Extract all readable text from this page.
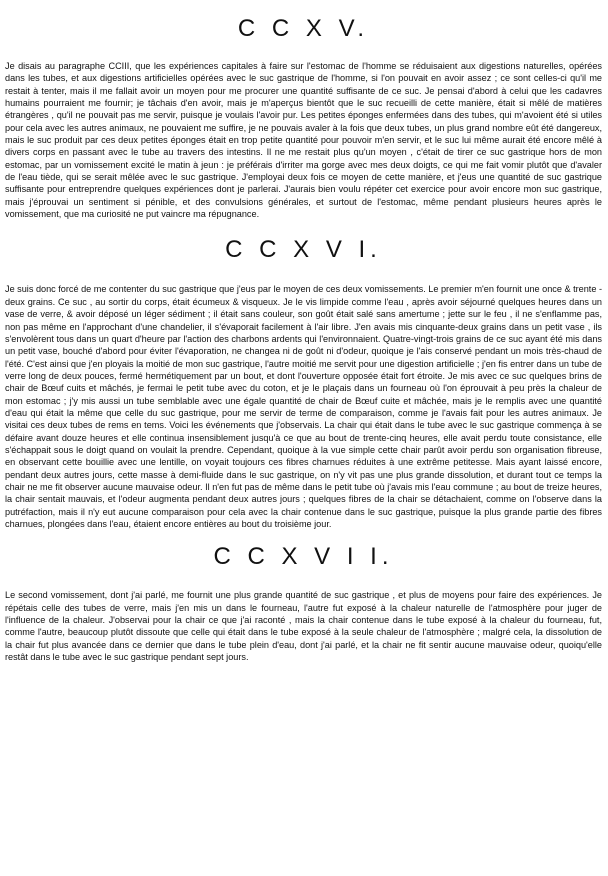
C C X V.

Je disais au paragraphe CCIII, que les expériences capitales à faire sur l'estomac de l'homme se réduisaient aux digestions naturelles, opérées dans les tubes, et aux digestions artificielles opérées avec le suc gastrique de l'homme, si l'on pouvait en avoir assez ; ce sont celles-ci qu'il me restait à tenter, mais il me fallait avoir un moyen pour me procurer une quantité suffisante de ce suc. Je pensai d'abord à celui que les cadavres humains pourraient me fournir; je tâchais d'en avoir, mais je m'aperçus bientôt que le suc recueilli de cette manière, était si mêlé de matières étrangères , qu'il ne pouvait pas me servir, puisque je voulais l'avoir pur. Les petites éponges enfermées dans des tubes, qui m'avoient été si utiles pour cela avec les autres animaux, ne pouvaient me suffire, je ne pouvais avaler à la fois que deux tubes, un plus grand nombre eût été dangereux, mais le suc produit par ces deux petites éponges était en trop petite quantité pour pouvoir m'en servir, et le suc lui même aurait été encore mêlé à divers corps en passant avec le tube au travers des intestins. Il ne me restait plus qu'un moyen , c'était de tirer ce suc gastrique hors de mon estomac, par un vomissement excité le matin à jeun : je préférais d'irriter ma gorge avec mes deux doigts, ce qui me fait vomir plutôt que d'avaler de l'eau tiède, qui se serait mêlée avec le suc gastrique. J'employai deux fois ce moyen de cette manière, et j'eus une quantité de suc gastrique suffisante pour entreprendre quelques expériences dont je parlerai. J'aurais bien voulu répéter cet exercice pour avoir encore mon suc gastrique, mais j'éprouvai un sentiment si pénible, et des convulsions générales, et surtout de l'estomac, même pendant plusieurs heures après le vomissement, que ma curiosité ne put vaincre ma répugnance.

C C X V I.

Je suis donc forcé de me contenter du suc gastrique que j'eus par le moyen de ces deux vomissements. Le premier m'en fournit une once & trente - deux grains. Ce suc , au sortir du corps, était écumeux & visqueux. Je le vis limpide comme l'eau , après avoir séjourné quelques heures dans un vase de verre, & avoir déposé un léger sédiment ; il était sans couleur, son goût était salé sans amertume ; jette sur le feu , il ne s'enflamme pas, non pas même en l'approchant d'une chandelier, il s'évaporait facilement à l'air libre. J'en avais mis cinquante-deux grains dans un petit vase , ils s'envolèrent tous dans un quart d'heure par l'action des charbons ardents qui l'environnaient. Quatre-vingt-trois grains de ce suc ayant été mis dans un petit vase, bouché d'abord pour éviter l'évaporation, ne changea ni de goût ni d'odeur, quoique je l'ais conservé pendant un mois très-chaud de l'été. C'est ainsi que j'en ployais la moitié de mon suc gastrique, l'autre moitié me servit pour une digestion artificielle ; j'en fis entrer dans un tube de verre long de deux pouces, fermé hermétiquement par un bout, et dont l'ouverture opposée était fort étroite. Je mis avec ce suc quelques brins de chair de Bœuf cuits et mâchés, je fermai le petit tube avec du coton, et je le plaçais dans un fourneau où l'on éprouvait à peu près la chaleur de mon estomac ; j'y mis aussi un tube semblable avec une égale quantité de chair de Bœuf cuite et mâchée, mais je le remplis avec une quantité d'eau qui était la même que celle du suc gastrique, pour me servir de terme de comparaison, comme je l'avais fait pour les autres animaux. Je visitai ces deux tubes de rems en tems. Voici les événements que j'observais. La chair qui était dans le tube avec le suc gastrique commença à se défaire avant douze heures et elle continua insensiblement jusqu'à ce que au bout de trente-cinq heures, elle avait perdu toute consistance, elle s'échappait sous le doigt quand on voulait la prendre. Cependant, quoique à la vue simple cette chair parût avoir perdu son organisation fibreuse, en observant cette bouillie avec une lentille, on voyait toujours ces fibres charnues réduites à une extrême petitesse. Mais ayant laissé encore, pendant deux autres jours, cette masse à demi-fluide dans le suc gastrique, on n'y vit pas une plus grande dissolution, et durant tout ce temps la chair ne me fit observer aucune mauvaise odeur. Il n'en fut pas de même dans le petit tube où j'avais mis l'eau commune ; au bout de treize heures, la chair sentait mauvais, et l'odeur augmenta pendant deux autres jours ; quelques fibres de la chair se détachaient, comme on l'observe dans la putréfaction, mais il n'y eut aucune comparaison pour cela avec la chair contenue dans le suc gastrique, puisque la plus grande partie des fibres charnues, plongées dans l'eau, étaient encore entières au bout du troisième jour.

C C X V I I.

Le second vomissement, dont j'ai parlé, me fournit une plus grande quantité de suc gastrique , et plus de moyens pour faire des expériences. Je répétais celle des tubes de verre, mais j'en mis un dans le fourneau, l'autre fut exposé à la chaleur naturelle de l'atmosphère pour juger de l'influence de la chaleur. J'observai pour la chair ce que j'ai raconté , mais la chair contenue dans le tube exposé à la chaleur du fourneau, fut, comme l'autre, beaucoup plutôt dissoute que celle qui était dans le tube exposé à la seule chaleur de l'atmosphère ; malgré cela, la dissolution de la chair fut plus avancée dans ce dernier que dans le tube plein d'eau, dont j'ai parlé, et la chair ne fit sentir aucune mauvaise odeur, quoiqu'elle restât dans le tube avec le suc gastrique pendant sept jours.
